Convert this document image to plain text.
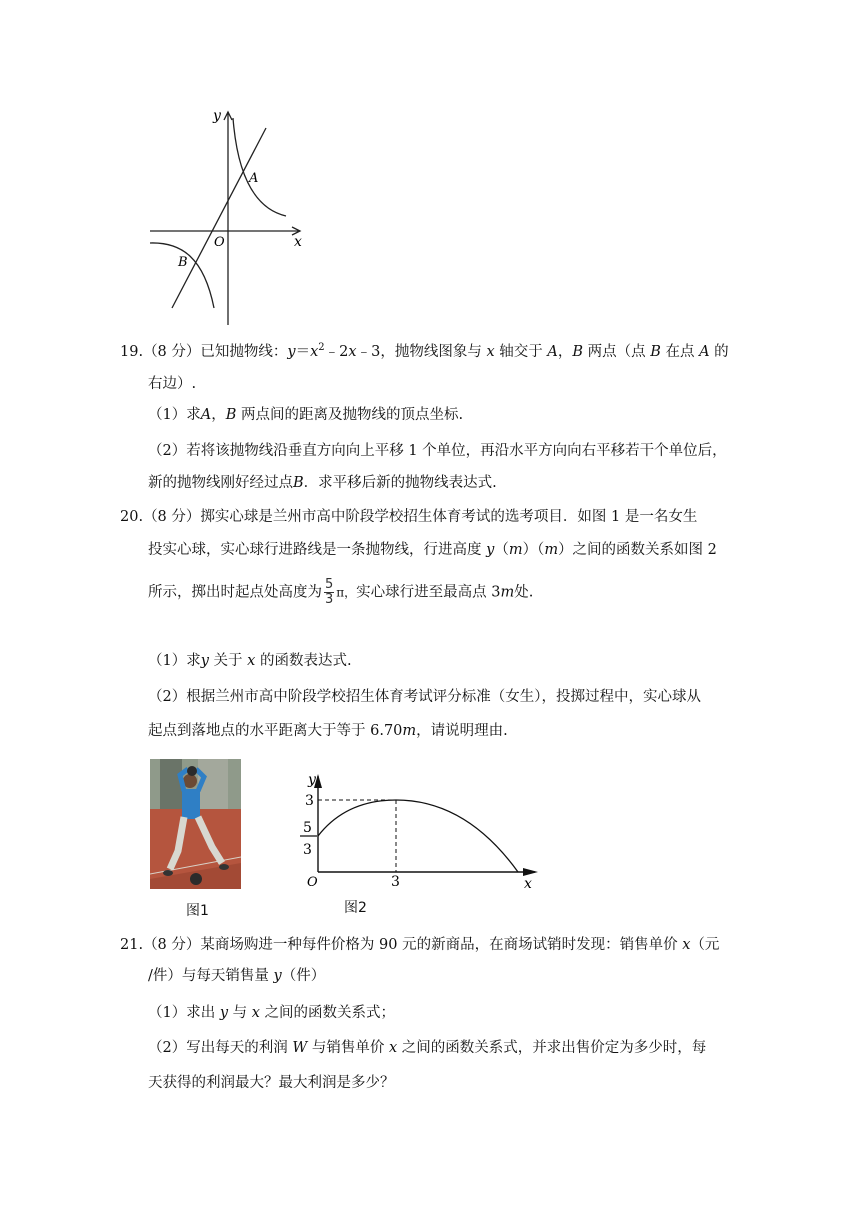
y
x
O
A
B
19.（8 分）已知抛物线：$y=x^2﹣2x﹣3$，抛物线图象与 x 轴交于 A，B 两点（点 B 在点 A 的
右边）.
（1）求A，B 两点间的距离及抛物线的顶点坐标.
（2）若将该抛物线沿垂直方向向上平移 1 个单位，再沿水平方向向右平移若干个单位后，
新的抛物线刚好经过点B．求平移后新的抛物线表达式.
20.（8 分）掷实心球是兰州市高中阶段学校招生体育考试的选考项目．如图 1 是一名女生
投实心球，实心球行进路线是一条抛物线，行进高度 y（m）（m）之间的函数关系如图 2
所示，掷出时起点处高度为 $\frac{5}{3}$ π，实心球行进至最高点 3m处.
（1）求y 关于 x 的函数表达式.
（2）根据兰州市高中阶段学校招生体育考试评分标准（女生），投掷过程中，实心球从
起点到落地点的水平距离大于等于 6.70m，请说明理由.
图1
y
x
O
3
5
3
3
图2
21.（8 分）某商场购进一种每件价格为 90 元的新商品，在商场试销时发现：销售单价 x（元
/件）与每天销售量 y（件）
（1）求出 y 与 x 之间的函数关系式；
（2）写出每天的利润 W 与销售单价 x 之间的函数关系式，并求出售价定为多少时，每
天获得的利润最大？最大利润是多少？
